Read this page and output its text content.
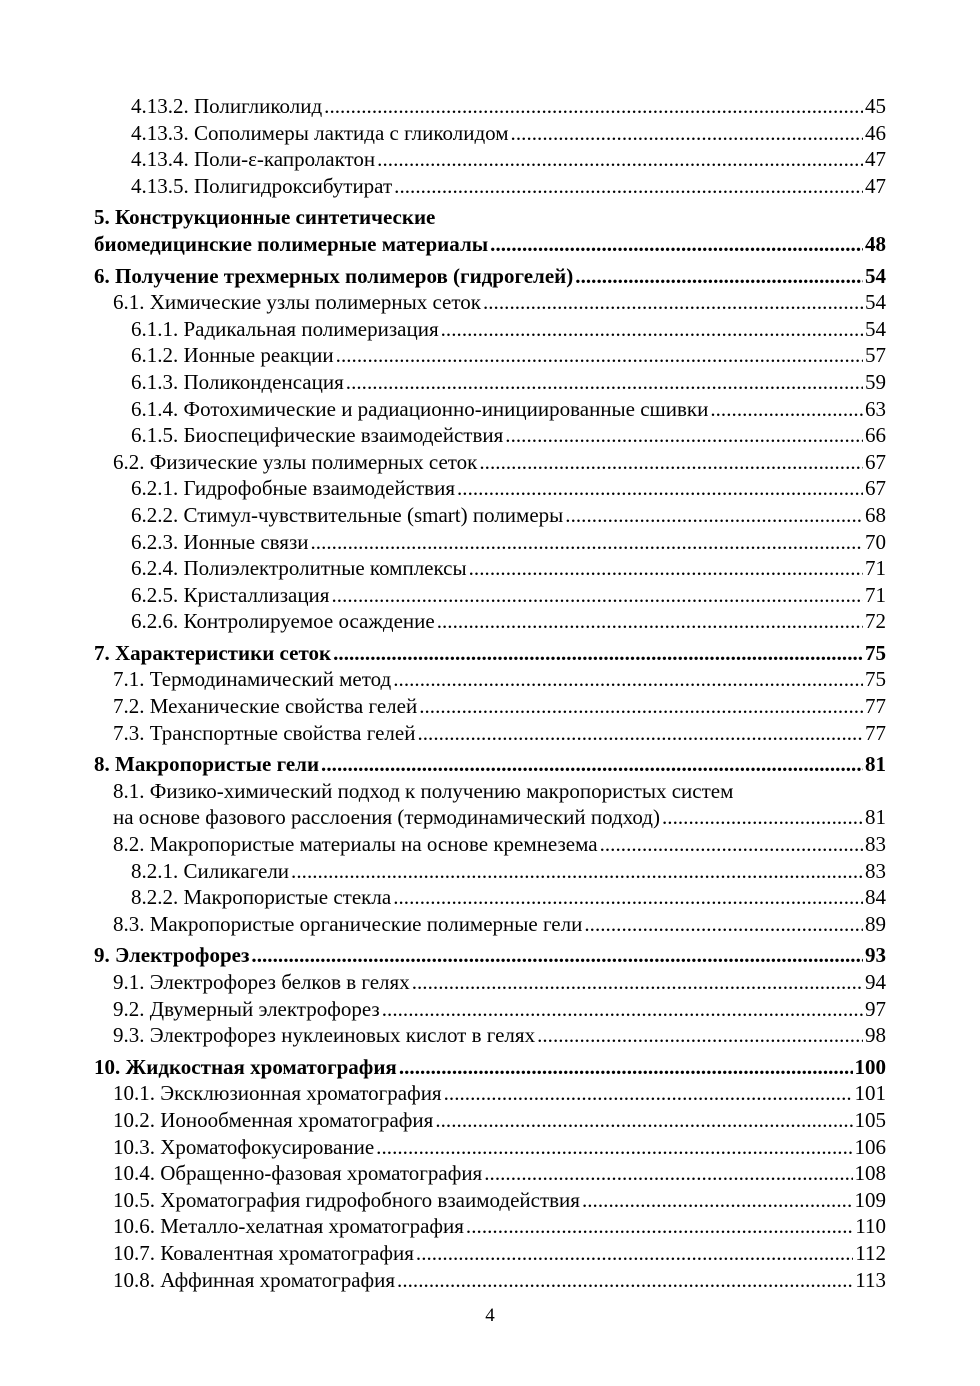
4.13.2. Полигликолид . . .	45
4.13.3. Сополимеры лактида с гликолидом . . .	46
4.13.4. Поли-ε-капролактон . . .	47
4.13.5. Полигидроксибутират . . .	47
5. Конструкционные синтетические
биомедицинские полимерные материалы . . .	48
6. Получение трехмерных полимеров (гидрогелей) . . .	54
6.1. Химические узлы полимерных сеток . . .	54
6.1.1. Радикальная полимеризация . . .	54
6.1.2. Ионные реакции . . .	57
6.1.3. Поликонденсация . . .	59
6.1.4. Фотохимические и радиационно-инициированные сшивки . . .	63
6.1.5. Биоспецифические взаимодействия . . .	66
6.2. Физические узлы полимерных сеток . . .	67
6.2.1. Гидрофобные взаимодействия . . .	67
6.2.2. Стимул-чувствительные (smart) полимеры . . .	68
6.2.3. Ионные связи . . .	70
6.2.4. Полиэлектролитные комплексы . . .	71
6.2.5. Кристаллизация . . .	71
6.2.6. Контролируемое осаждение . . .	72
7. Характеристики сеток . . .	75
7.1. Термодинамический метод . . .	75
7.2. Механические свойства гелей . . .	77
7.3. Транспортные свойства гелей . . .	77
8. Макропористые гели . . .	81
8.1. Физико-химический подход к получению макропористых систем
на основе фазового расслоения (термодинамический подход) . . .	81
8.2. Макропористые материалы на основе кремнезема . . .	83
8.2.1. Силикагели . . .	83
8.2.2. Макропористые стекла . . .	84
8.3. Макропористые органические полимерные гели . . .	89
9. Электрофорез . . .	93
9.1. Электрофорез белков в гелях . . .	94
9.2. Двумерный электрофорез . . .	97
9.3. Электрофорез нуклеиновых кислот в гелях . . .	98
10. Жидкостная хроматография . . .	100
10.1. Эксклюзионная хроматография . . .	101
10.2. Ионообменная хроматография . . .	105
10.3. Хроматофокусирование . . .	106
10.4. Обращенно-фазовая хроматография . . .	108
10.5. Хроматография гидрофобного взаимодействия . . .	109
10.6. Металло-хелатная хроматография . . .	110
10.7. Ковалентная хроматография . . .	112
10.8. Аффинная хроматография . . .	113
4
